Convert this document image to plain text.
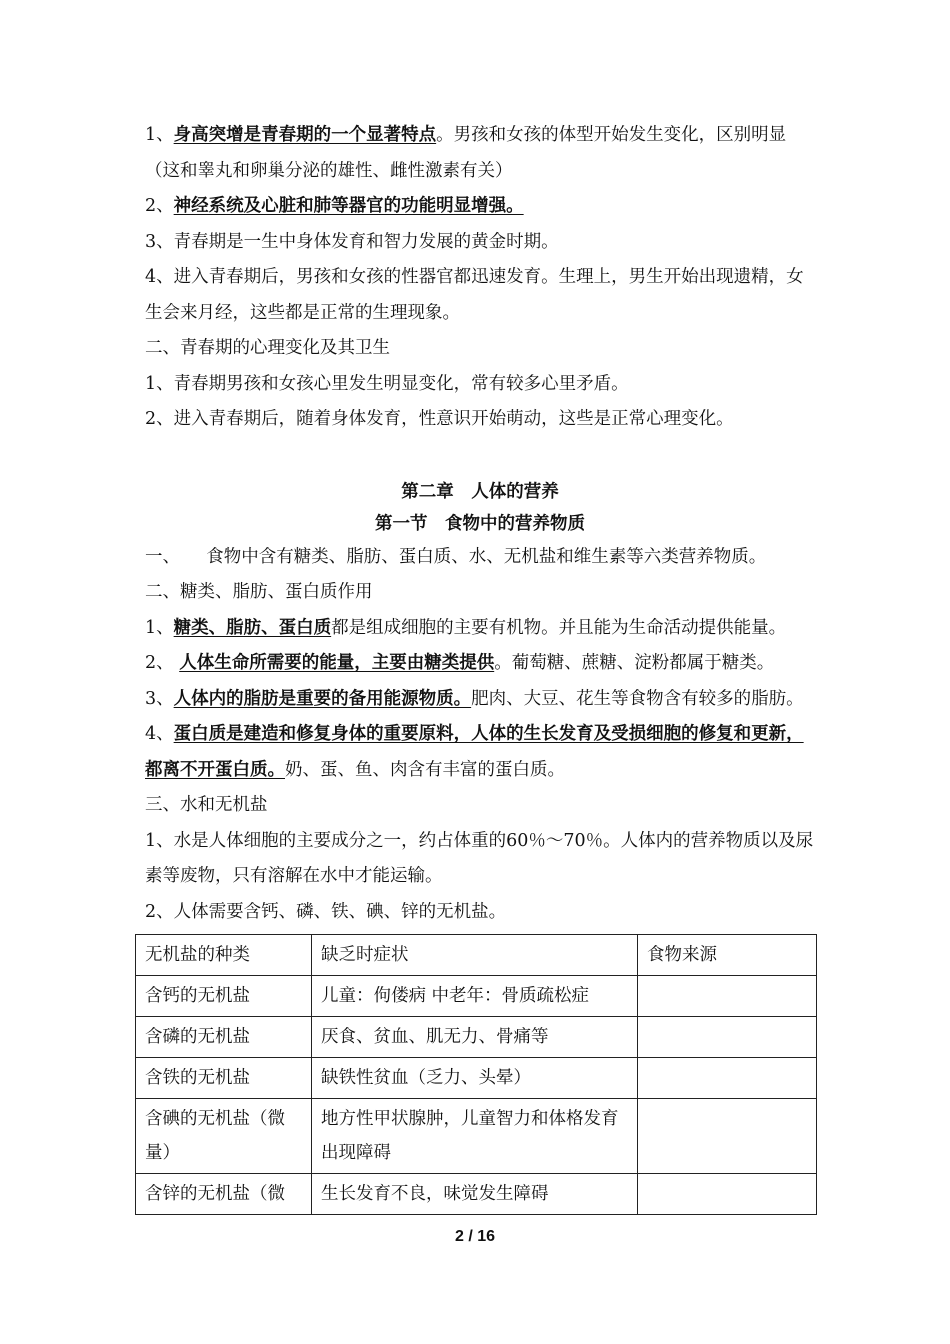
1、身高突增是青春期的一个显著特点。男孩和女孩的体型开始发生变化，区别明显（这和睾丸和卵巢分泌的雄性、雌性激素有关）

2、神经系统及心脏和肺等器官的功能明显增强。

3、青春期是一生中身体发育和智力发展的黄金时期。

4、进入青春期后，男孩和女孩的性器官都迅速发育。生理上，男生开始出现遗精，女生会来月经，这些都是正常的生理现象。

二、青春期的心理变化及其卫生

1、青春期男孩和女孩心里发生明显变化，常有较多心里矛盾。

2、进入青春期后，随着身体发育，性意识开始萌动，这些是正常心理变化。

第二章　人体的营养

第一节　食物中的营养物质

一、　　食物中含有糖类、脂肪、蛋白质、水、无机盐和维生素等六类营养物质。

二、糖类、脂肪、蛋白质作用

1、糖类、脂肪、蛋白质都是组成细胞的主要有机物。并且能为生命活动提供能量。

2、 人体生命所需要的能量，主要由糖类提供。葡萄糖、蔗糖、淀粉都属于糖类。

3、人体内的脂肪是重要的备用能源物质。肥肉、大豆、花生等食物含有较多的脂肪。

4、蛋白质是建造和修复身体的重要原料，人体的生长发育及受损细胞的修复和更新，都离不开蛋白质。奶、蛋、鱼、肉含有丰富的蛋白质。

三、水和无机盐

1、水是人体细胞的主要成分之一，约占体重的60％～70％。人体内的营养物质以及尿素等废物，只有溶解在水中才能运输。

2、人体需要含钙、磷、铁、碘、锌的无机盐。

无机盐的种类	缺乏时症状	食物来源
含钙的无机盐	儿童：佝偻病 中老年：骨质疏松症	
含磷的无机盐	厌食、贫血、肌无力、骨痛等	
含铁的无机盐	缺铁性贫血（乏力、头晕）	
含碘的无机盐（微量）	地方性甲状腺肿，儿童智力和体格发育出现障碍	
含锌的无机盐（微	生长发育不良，味觉发生障碍	
2 / 16
